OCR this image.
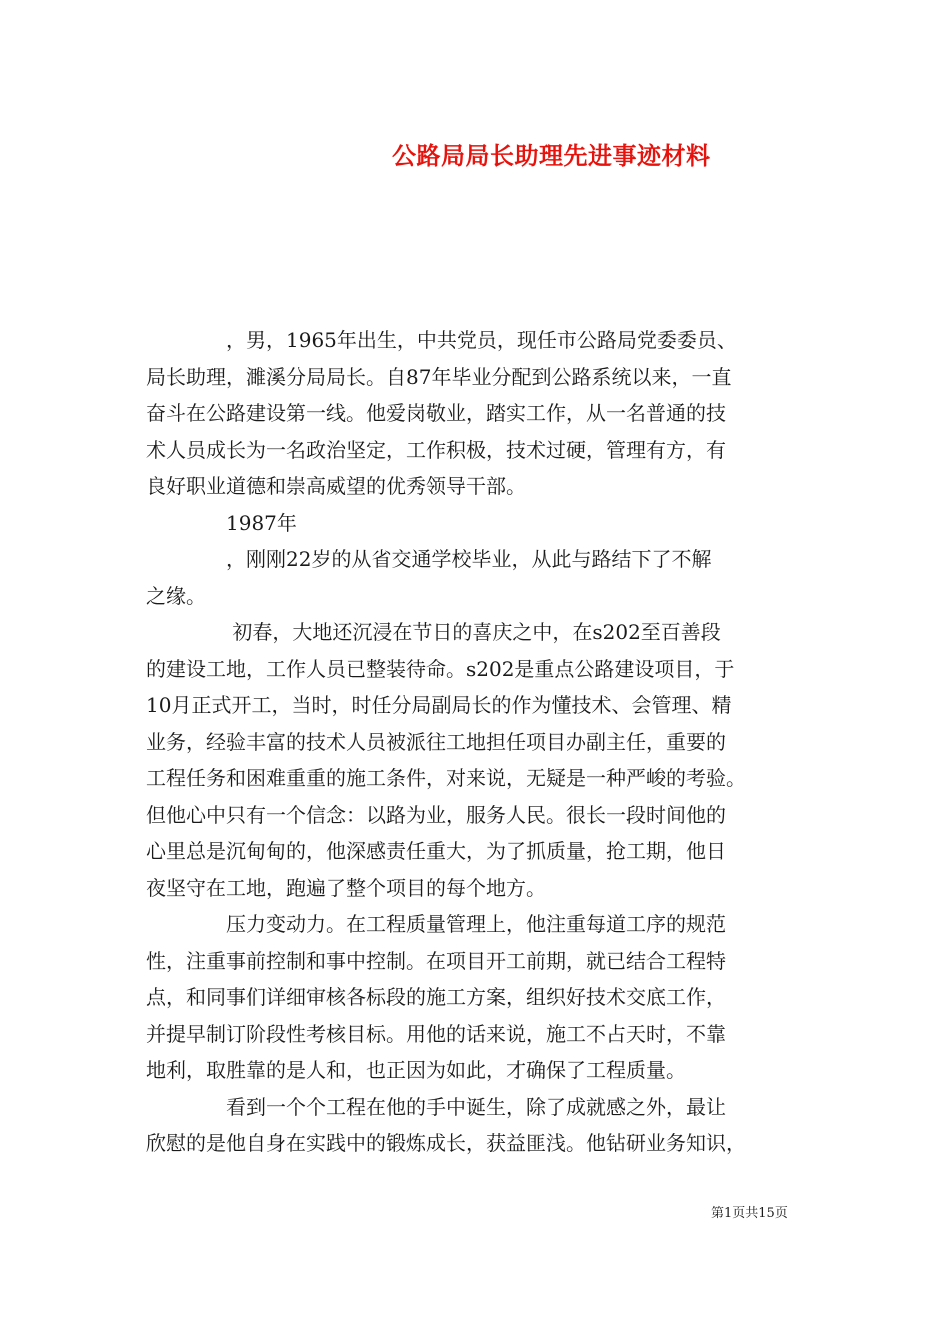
公路局局长助理先进事迹材料
　　　　，男，1965年出生，中共党员，现任市公路局党委委员、
局长助理，濉溪分局局长。自87年毕业分配到公路系统以来，一直
奋斗在公路建设第一线。他爱岗敬业，踏实工作，从一名普通的技
术人员成长为一名政治坚定，工作积极，技术过硬，管理有方，有
良好职业道德和崇高威望的优秀领导干部。
　　　　1987年
　　　　，刚刚22岁的从省交通学校毕业，从此与路结下了不解
之缘。
　　　　 初春，大地还沉浸在节日的喜庆之中，在s202至百善段
的建设工地，工作人员已整装待命。s202是重点公路建设项目，于
10月正式开工，当时，时任分局副局长的作为懂技术、会管理、精
业务，经验丰富的技术人员被派往工地担任项目办副主任，重要的
工程任务和困难重重的施工条件，对来说，无疑是一种严峻的考验。
但他心中只有一个信念：以路为业，服务人民。很长一段时间他的
心里总是沉甸甸的，他深感责任重大，为了抓质量，抢工期，他日
夜坚守在工地，跑遍了整个项目的每个地方。
　　　　压力变动力。在工程质量管理上，他注重每道工序的规范
性，注重事前控制和事中控制。在项目开工前期，就已结合工程特
点，和同事们详细审核各标段的施工方案，组织好技术交底工作，
并提早制订阶段性考核目标。用他的话来说，施工不占天时，不靠
地利，取胜靠的是人和，也正因为如此，才确保了工程质量。
　　　　看到一个个工程在他的手中诞生，除了成就感之外，最让
欣慰的是他自身在实践中的锻炼成长，获益匪浅。他钻研业务知识，
第1页共15页
